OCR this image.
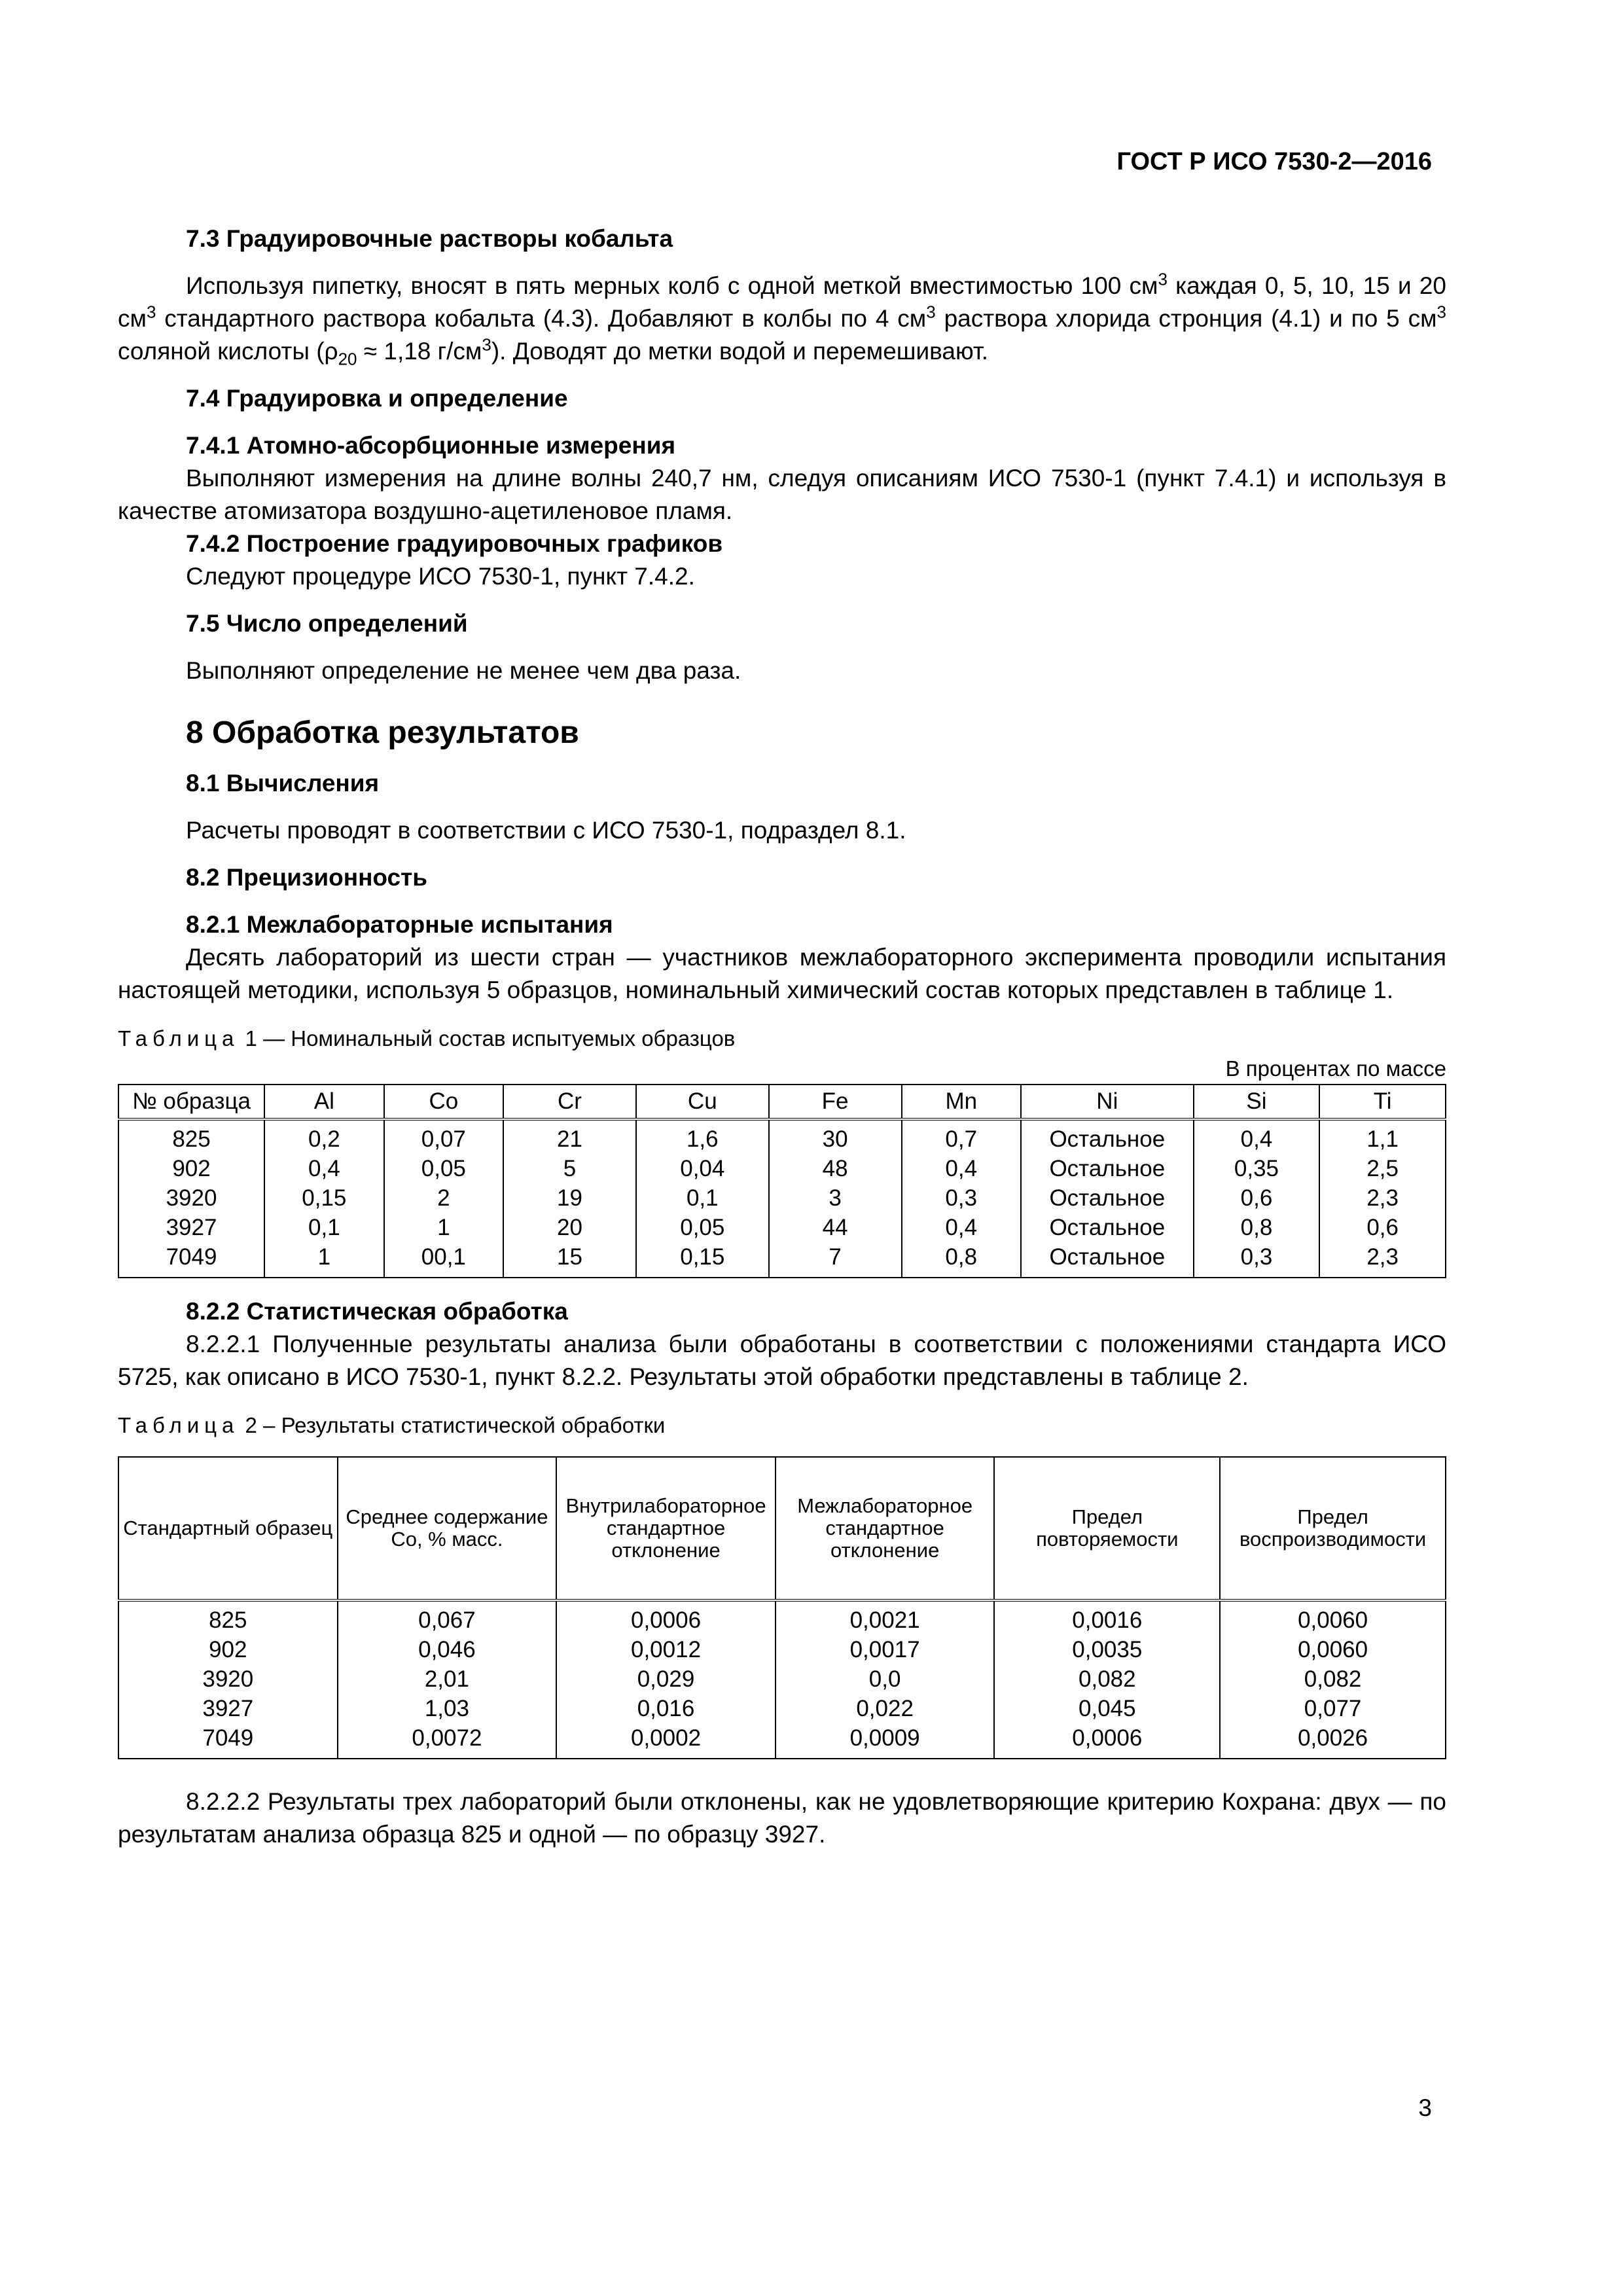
ГОСТ Р ИСО 7530-2—2016

7.3 Градуировочные растворы кобальта

Используя пипетку, вносят в пять мерных колб с одной меткой вместимостью 100 $см^3$ каждая 0, 5, 10, 15 и 20 $см^3$ стандартного раствора кобальта (4.3). Добавляют в колбы по 4 $см^3$ раствора хлорида стронция (4.1) и по 5 $см^3$ соляной кислоты ($\rho_{20} \approx 1,18$ $г/см^3$). Доводят до метки водой и перемешивают.

7.4 Градуировка и определение

7.4.1 Атомно-абсорбционные измерения

Выполняют измерения на длине волны 240,7 нм, следуя описаниям ИСО 7530-1 (пункт 7.4.1) и используя в качестве атомизатора воздушно-ацетиленовое пламя.

7.4.2 Построение градуировочных графиков

Следуют процедуре ИСО 7530-1, пункт 7.4.2.

7.5 Число определений

Выполняют определение не менее чем два раза.

8 Обработка результатов

8.1 Вычисления

Расчеты проводят в соответствии с ИСО 7530-1, подраздел 8.1.

8.2 Прецизионность

8.2.1 Межлабораторные испытания

Десять лабораторий из шести стран — участников межлабораторного эксперимента проводили испытания настоящей методики, используя 5 образцов, номинальный химический состав которых представлен в таблице 1.

Таблица 1 — Номинальный состав испытуемых образцов

В процентах по массе

№ образца	Al	Co	Cr	Cu	Fe	Mn	Ni	Si	Ti
825	0,2	0,07	21	1,6	30	0,7	Остальное	0,4	1,1
902	0,4	0,05	5	0,04	48	0,4	Остальное	0,35	2,5
3920	0,15	2	19	0,1	3	0,3	Остальное	0,6	2,3
3927	0,1	1	20	0,05	44	0,4	Остальное	0,8	0,6
7049	1	00,1	15	0,15	7	0,8	Остальное	0,3	2,3

8.2.2 Статистическая обработка

8.2.2.1 Полученные результаты анализа были обработаны в соответствии с положениями стандарта ИСО 5725, как описано в ИСО 7530-1, пункт 8.2.2. Результаты этой обработки представлены в таблице 2.

Таблица 2 – Результаты статистической обработки

Стандартный образец	Среднее содержание Co, % масс.	Внутрилабораторное стандартное отклонение	Межлабораторное стандартное отклонение	Предел повторяемости	Предел воспроизводимости
825	0,067	0,0006	0,0021	0,0016	0,0060
902	0,046	0,0012	0,0017	0,0035	0,0060
3920	2,01	0,029	0,0	0,082	0,082
3927	1,03	0,016	0,022	0,045	0,077
7049	0,0072	0,0002	0,0009	0,0006	0,0026

8.2.2.2 Результаты трех лабораторий были отклонены, как не удовлетворяющие критерию Кохрана: двух — по результатам анализа образца 825 и одной — по образцу 3927.

3
